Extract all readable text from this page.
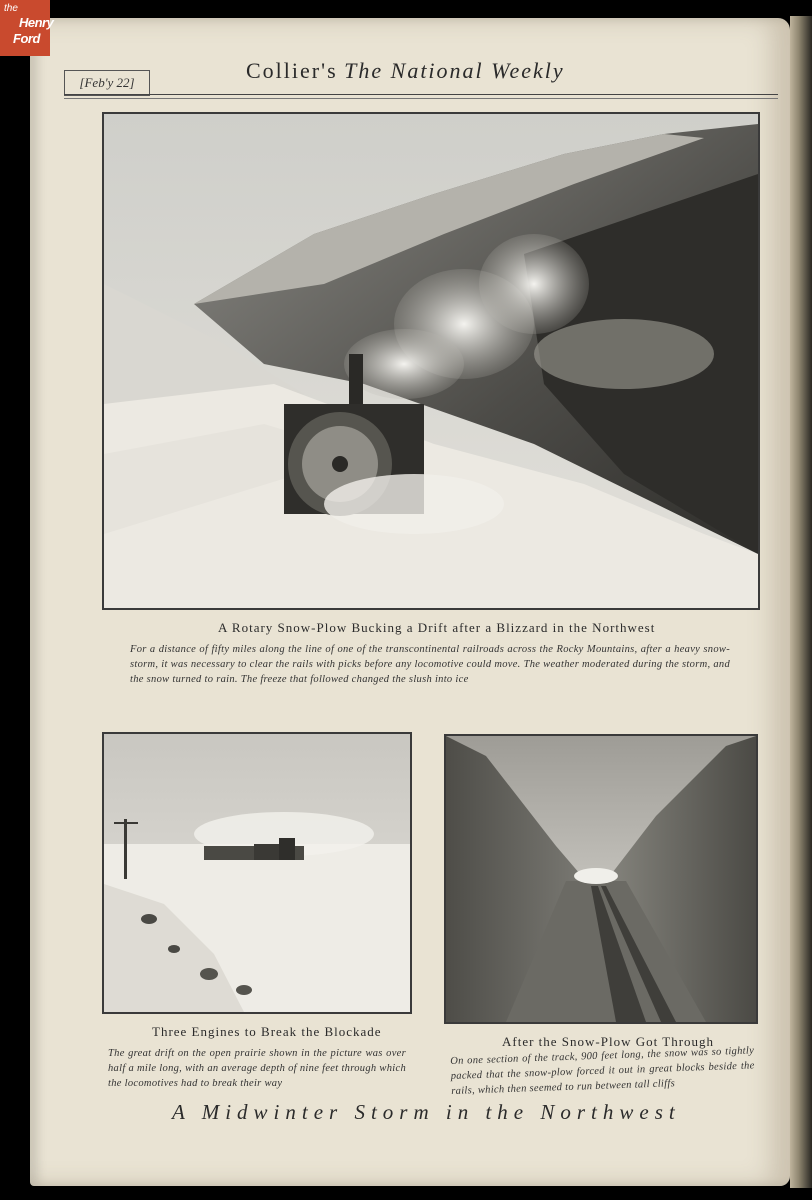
the
Henry
Ford
[Feb'y 22]	Collier's The National Weekly
A Rotary Snow-Plow Bucking a Drift after a Blizzard in the Northwest
For a distance of fifty miles along the line of one of the transcontinental railroads across the Rocky Mountains, after a heavy snow-storm, it was necessary to clear the rails with picks before any locomotive could move. The weather moderated during the storm, and the snow turned to rain. The freeze that followed changed the slush into ice
Three Engines to Break the Blockade
The great drift on the open prairie shown in the picture was over half a mile long, with an average depth of nine feet through which the locomotives had to break their way
After the Snow-Plow Got Through
On one section of the track, 900 feet long, the snow was so tightly packed that the snow-plow forced it out in great blocks beside the rails, which then seemed to run between tall cliffs
A Midwinter Storm in the Northwest
